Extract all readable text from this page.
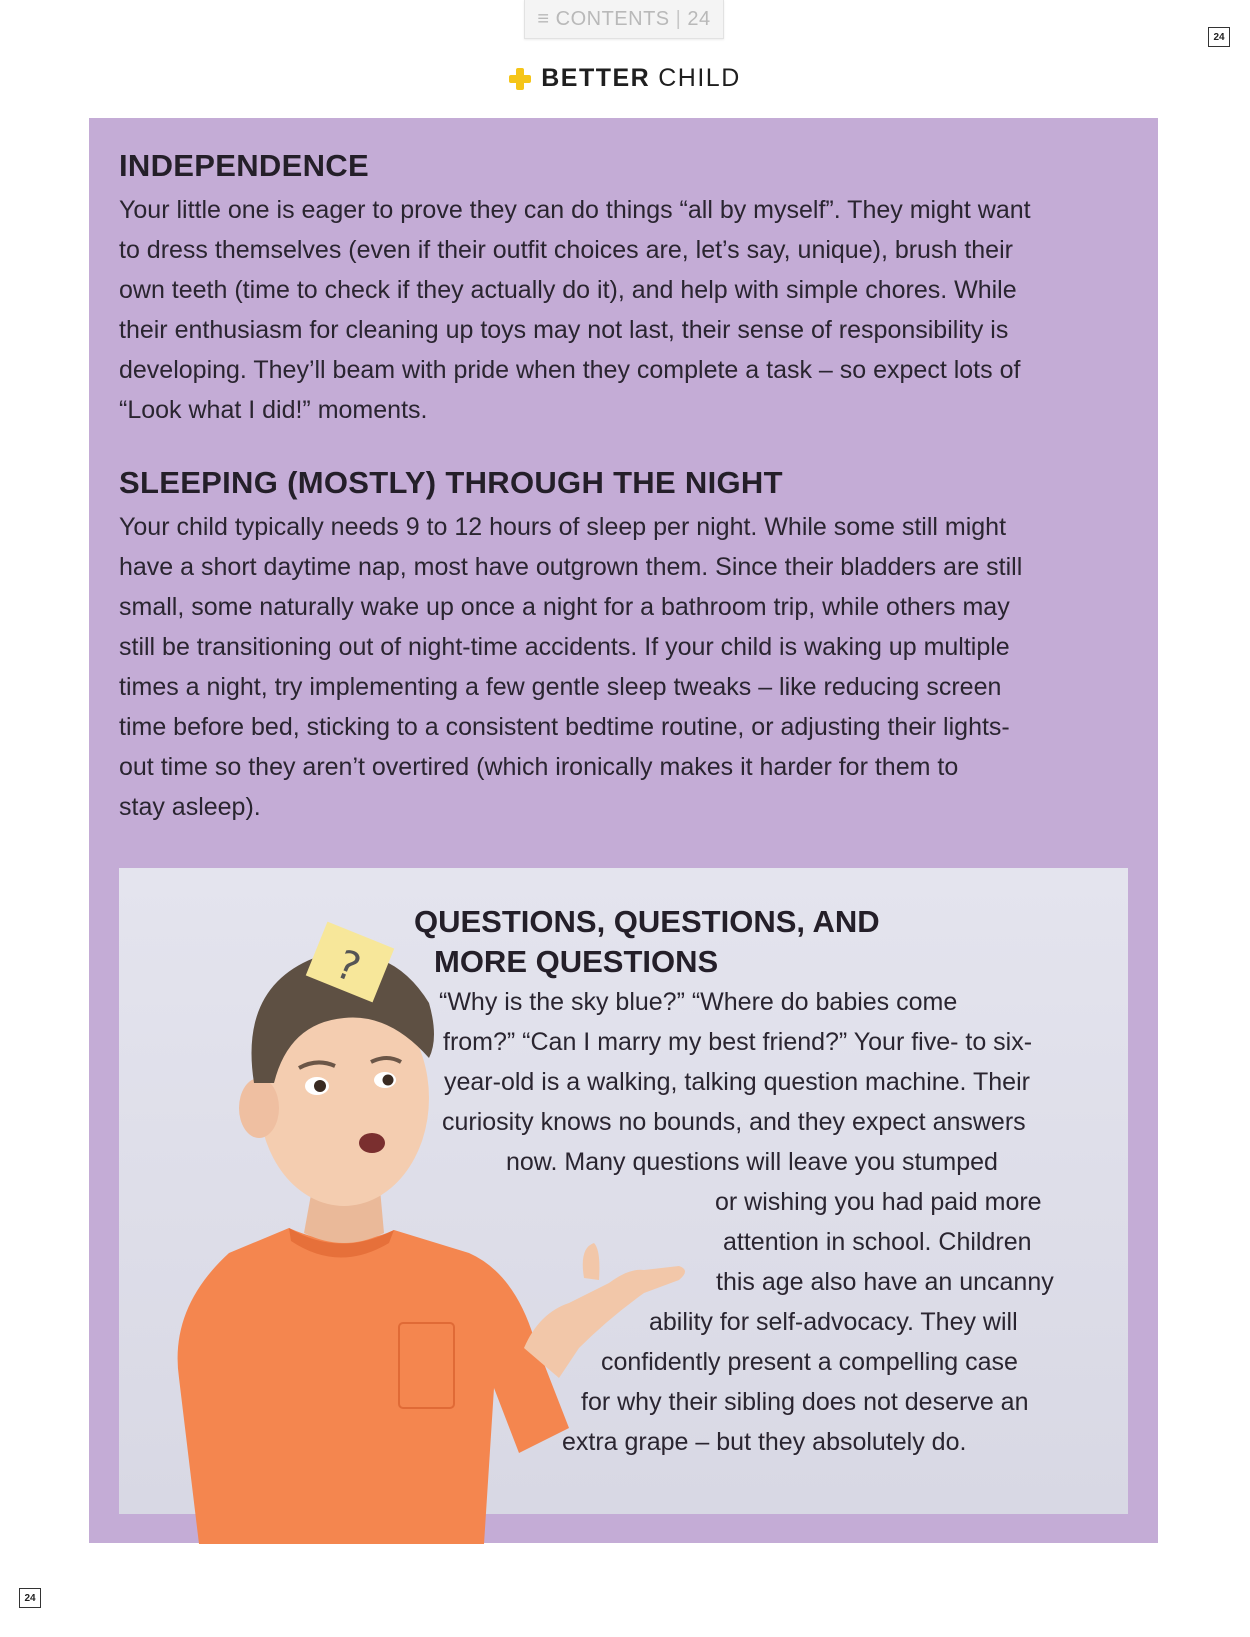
≡ CONTENTS | 24
24
24
BETTER CHILD
INDEPENDENCE

Your little one is eager to prove they can do things “all by myself”. They might want
to dress themselves (even if their outfit choices are, let’s say, unique), brush their
own teeth (time to check if they actually do it), and help with simple chores. While
their enthusiasm for cleaning up toys may not last, their sense of responsibility is
developing. They’ll beam with pride when they complete a task – so expect lots of
“Look what I did!” moments.

SLEEPING (MOSTLY) THROUGH THE NIGHT

Your child typically needs 9 to 12 hours of sleep per night. While some still might
have a short daytime nap, most have outgrown them. Since their bladders are still
small, some naturally wake up once a night for a bathroom trip, while others may
still be transitioning out of night-time accidents. If your child is waking up multiple
times a night, try implementing a few gentle sleep tweaks – like reducing screen
time before bed, sticking to a consistent bedtime routine, or adjusting their lights-
out time so they aren’t overtired (which ironically makes it harder for them to
stay asleep).

?
QUESTIONS, QUESTIONS, AND
MORE QUESTIONS
“Why is the sky blue?” “Where do babies come
from?” “Can I marry my best friend?” Your five- to six-
year-old is a walking, talking question machine. Their
curiosity knows no bounds, and they expect answers
now. Many questions will leave you stumped
or wishing you had paid more
attention in school. Children
this age also have an uncanny
ability for self-advocacy. They will
confidently present a compelling case
for why their sibling does not deserve an
extra grape – but they absolutely do.
